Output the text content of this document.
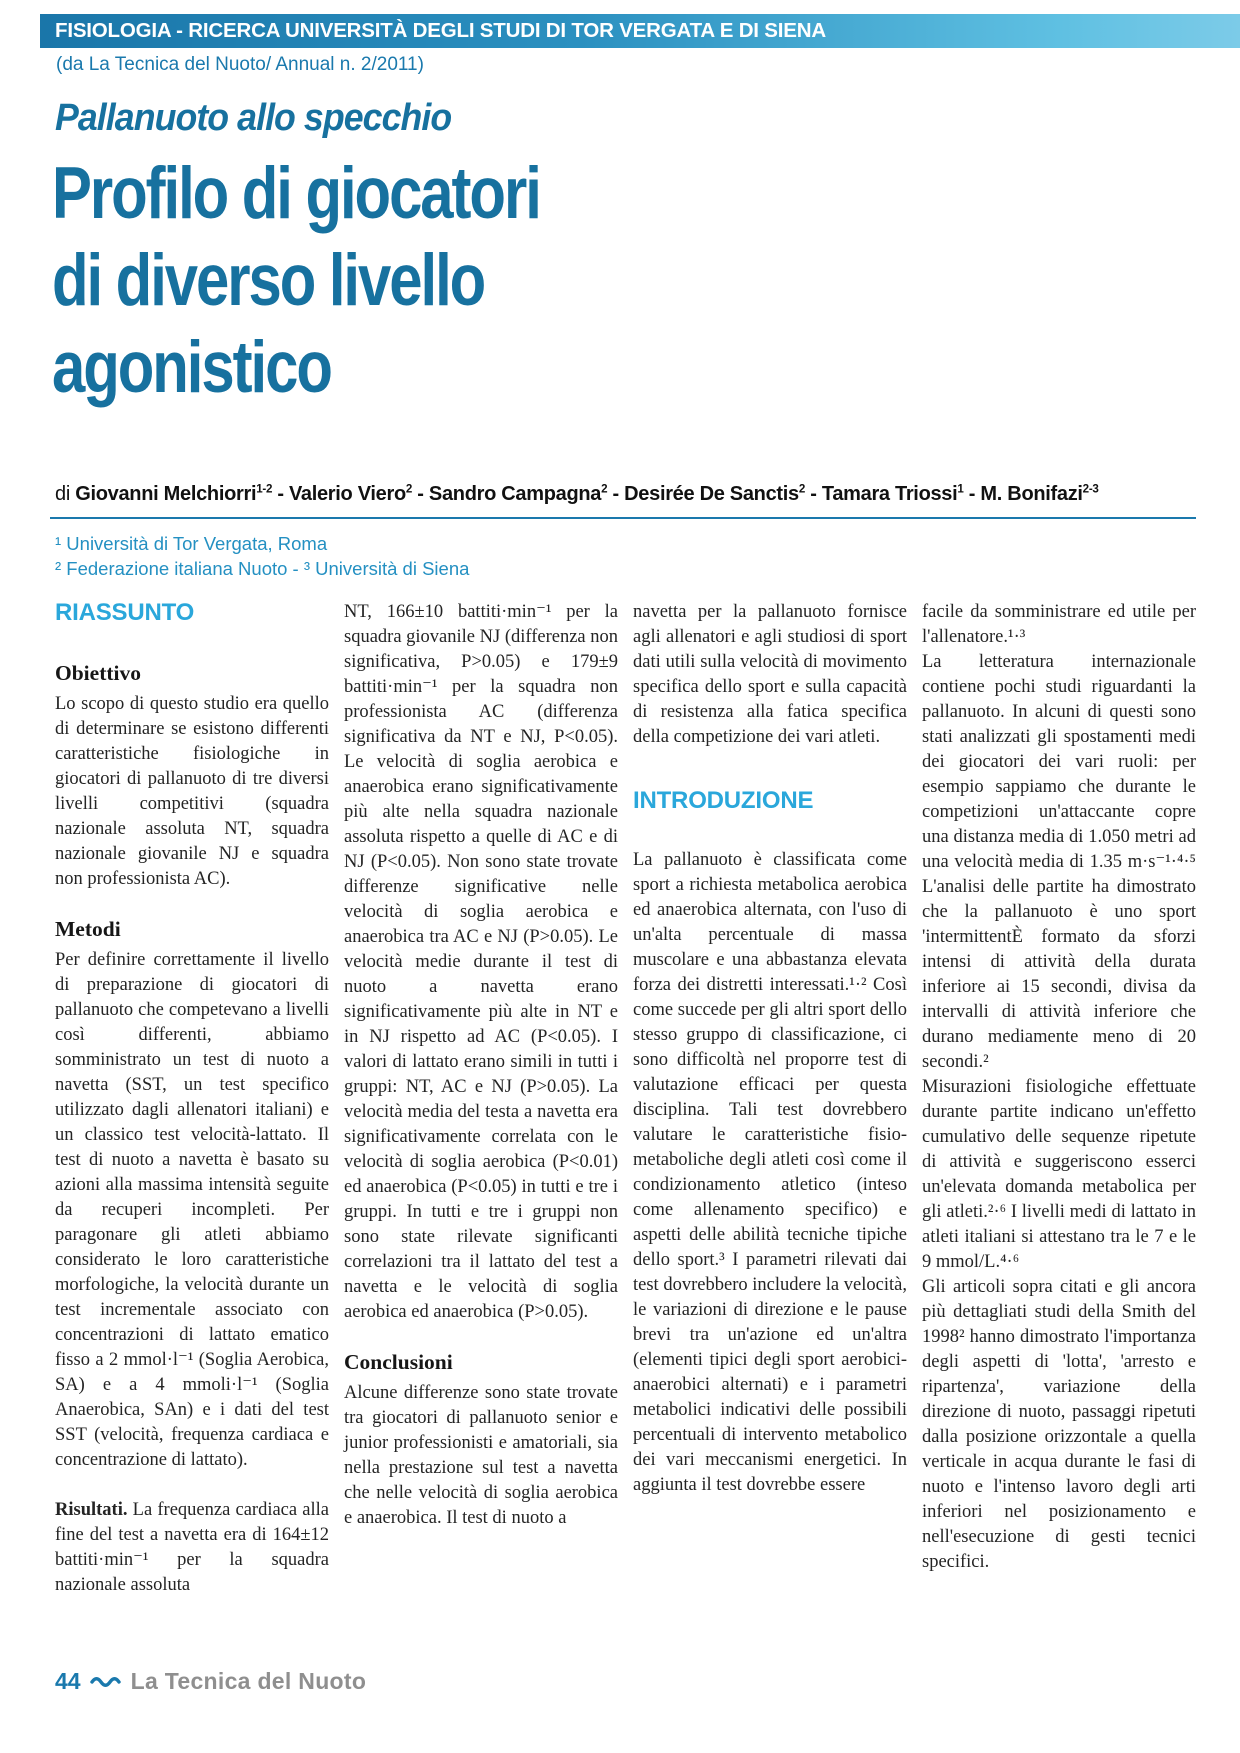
FISIOLOGIA - RICERCA UNIVERSITÀ DEGLI STUDI DI TOR VERGATA E DI SIENA
(da La Tecnica del Nuoto/ Annual n. 2/2011)
Pallanuoto allo specchio
Profilo di giocatori
di diverso livello
agonistico
di Giovanni Melchiorri$^{1-2}$ - Valerio Viero$^2$ - Sandro Campagna$^2$ - Desirée De Sanctis$^2$ - Tamara Triossi$^1$ - M. Bonifazi$^{2-3}$
¹ Università di Tor Vergata, Roma
² Federazione italiana Nuoto - ³ Università di Siena
RIASSUNTO
Obiettivo

Lo scopo di questo studio era quello di determinare se esistono differenti caratteristiche fisiologiche in giocatori di pallanuoto di tre diversi livelli competitivi (squadra nazionale assoluta NT, squadra nazionale giovanile NJ e squadra non professionista AC).

Metodi

Per definire correttamente il livello di preparazione di giocatori di pallanuoto che competevano a livelli così differenti, abbiamo somministrato un test di nuoto a navetta (SST, un test specifico utilizzato dagli allenatori italiani) e un classico test velocità-lattato. Il test di nuoto a navetta è basato su azioni alla massima intensità seguite da recuperi incompleti. Per paragonare gli atleti abbiamo considerato le loro caratteristiche morfologiche, la velocità durante un test incrementale associato con concentrazioni di lattato ematico fisso a 2 mmol·l⁻¹ (Soglia Aerobica, SA) e a 4 mmoli·l⁻¹ (Soglia Anaerobica, SAn) e i dati del test SST (velocità, frequenza cardiaca e concentrazione di lattato).

Risultati. La frequenza cardiaca alla fine del test a navetta era di 164±12 battiti·min⁻¹ per la squadra nazionale assoluta

NT, 166±10 battiti·min⁻¹ per la squadra giovanile NJ (differenza non significativa, P>0.05) e 179±9 battiti·min⁻¹ per la squadra non professionista AC (differenza significativa da NT e NJ, P<0.05). Le velocità di soglia aerobica e anaerobica erano significativamente più alte nella squadra nazionale assoluta rispetto a quelle di AC e di NJ (P<0.05). Non sono state trovate differenze significative nelle velocità di soglia aerobica e anaerobica tra AC e NJ (P>0.05). Le velocità medie durante il test di nuoto a navetta erano significativamente più alte in NT e in NJ rispetto ad AC (P<0.05). I valori di lattato erano simili in tutti i gruppi: NT, AC e NJ (P>0.05). La velocità media del testa a navetta era significativamente correlata con le velocità di soglia aerobica (P<0.01) ed anaerobica (P<0.05) in tutti e tre i gruppi. In tutti e tre i gruppi non sono state rilevate significanti correlazioni tra il lattato del test a navetta e le velocità di soglia aerobica ed anaerobica (P>0.05).

Conclusioni

Alcune differenze sono state trovate tra giocatori di pallanuoto senior e junior professionisti e amatoriali, sia nella prestazione sul test a navetta che nelle velocità di soglia aerobica e anaerobica. Il test di nuoto a

navetta per la pallanuoto fornisce agli allenatori e agli studiosi di sport dati utili sulla velocità di movimento specifica dello sport e sulla capacità di resistenza alla fatica specifica della competizione dei vari atleti.

INTRODUZIONE

La pallanuoto è classificata come sport a richiesta metabolica aerobica ed anaerobica alternata, con l'uso di un'alta percentuale di massa muscolare e una abbastanza elevata forza dei distretti interessati.¹·² Così come succede per gli altri sport dello stesso gruppo di classificazione, ci sono difficoltà nel proporre test di valutazione efficaci per questa disciplina. Tali test dovrebbero valutare le caratteristiche fisio-metaboliche degli atleti così come il condizionamento atletico (inteso come allenamento specifico) e aspetti delle abilità tecniche tipiche dello sport.³ I parametri rilevati dai test dovrebbero includere la velocità, le variazioni di direzione e le pause brevi tra un'azione ed un'altra (elementi tipici degli sport aerobici-anaerobici alternati) e i parametri metabolici indicativi delle possibili percentuali di intervento metabolico dei vari meccanismi energetici. In aggiunta il test dovrebbe essere

facile da somministrare ed utile per l'allenatore.¹·³

La letteratura internazionale contiene pochi studi riguardanti la pallanuoto. In alcuni di questi sono stati analizzati gli spostamenti medi dei giocatori dei vari ruoli: per esempio sappiamo che durante le competizioni un'attaccante copre una distanza media di 1.050 metri ad una velocità media di 1.35 m·s⁻¹·⁴·⁵ L'analisi delle partite ha dimostrato che la pallanuoto è uno sport 'intermittentÈ formato da sforzi intensi di attività della durata inferiore ai 15 secondi, divisa da intervalli di attività inferiore che durano mediamente meno di 20 secondi.²

Misurazioni fisiologiche effettuate durante partite indicano un'effetto cumulativo delle sequenze ripetute di attività e suggeriscono esserci un'elevata domanda metabolica per gli atleti.²·⁶ I livelli medi di lattato in atleti italiani si attestano tra le 7 e le 9 mmol/L.⁴·⁶

Gli articoli sopra citati e gli ancora più dettagliati studi della Smith del 1998² hanno dimostrato l'importanza degli aspetti di 'lotta', 'arresto e ripartenza', variazione della direzione di nuoto, passaggi ripetuti dalla posizione orizzontale a quella verticale in acqua durante le fasi di nuoto e l'intenso lavoro degli arti inferiori nel posizionamento e nell'esecuzione di gesti tecnici specifici.

44 La Tecnica del Nuoto
